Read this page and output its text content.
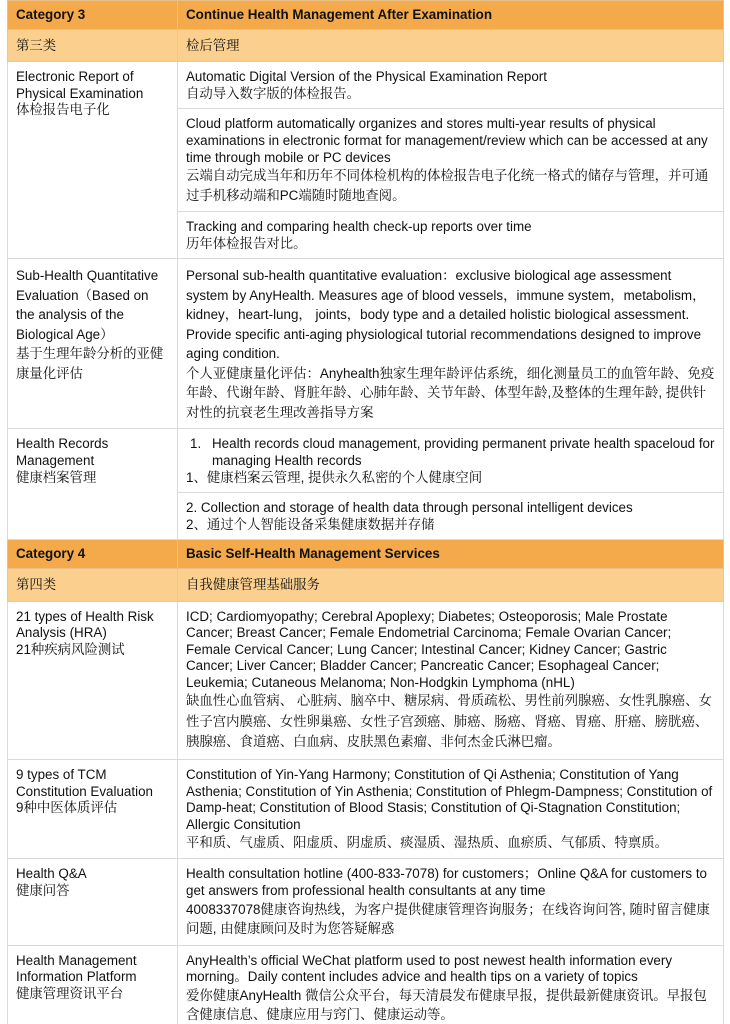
Category 3	Continue Health Management After Examination
第三类	检后管理

Electronic Report of Physical Examination
体检报告电子化	Automatic Digital Version of the Physical Examination Report
自动导入数字版的体检报告。

	Cloud platform automatically organizes and stores multi-year results of physical examinations in electronic format for management/review which can be accessed at any time through mobile or PC devices
云端自动完成当年和历年不同体检机构的体检报告电子化统一格式的储存与管理，并可通过手机移动端和PC端随时随地查阅。

	Tracking and comparing health check-up reports over time
历年体检报告对比。

Sub-Health Quantitative Evaluation（Based on the analysis of the Biological Age）
基于生理年龄分析的亚健康量化评估	Personal sub-health quantitative evaluation：exclusive biological age assessment system by AnyHealth. Measures age of blood vessels，immune system，metabolism，kidney，heart-lung， joints，body type and a detailed holistic biological assessment. Provide specific anti-aging physiological tutorial recommendations designed to improve aging condition.
个人亚健康量化评估：Anyhealth独家生理年龄评估系统，细化测量员工的血管年龄、免疫年龄、代谢年龄、肾脏年龄、心肺年龄、关节年龄、体型年龄,及整体的生理年龄, 提供针对性的抗衰老生理改善指导方案

Health Records Management
健康档案管理	1. Health records cloud management, providing permanent private health spaceloud for managing Health records
1、健康档案云管理, 提供永久私密的个人健康空间

	2. Collection and storage of health data through personal intelligent devices
2、通过个人智能设备采集健康数据并存储

Category 4	Basic Self-Health Management Services
第四类	自我健康管理基础服务

21 types of Health Risk Analysis (HRA)
21种疾病风险测试	ICD; Cardiomyopathy; Cerebral Apoplexy; Diabetes; Osteoporosis; Male Prostate Cancer; Breast Cancer; Female Endometrial Carcinoma; Female Ovarian Cancer; Female Cervical Cancer; Lung Cancer; Intestinal Cancer; Kidney Cancer; Gastric Cancer; Liver Cancer; Bladder Cancer; Pancreatic Cancer; Esophageal Cancer; Leukemia; Cutaneous Melanoma; Non-Hodgkin Lymphoma (nHL)
缺血性心血管病、 心脏病、脑卒中、糖尿病、骨质疏松、男性前列腺癌、女性乳腺癌、女性子宫内膜癌、女性卵巢癌、女性子宫颈癌、肺癌、肠癌、肾癌、胃癌、肝癌、膀胱癌、胰腺癌、食道癌、白血病、皮肤黑色素瘤、非何杰金氏淋巴瘤。

9 types of TCM Constitution Evaluation
9种中医体质评估	Constitution of Yin-Yang Harmony; Constitution of Qi Asthenia; Constitution of Yang Asthenia; Constitution of Yin Asthenia; Constitution of Phlegm-Dampness; Constitution of Damp-heat; Constitution of Blood Stasis; Constitution of Qi-Stagnation Constitution; Allergic Consitution
平和质、气虚质、阳虚质、阴虚质、痰湿质、湿热质、血瘀质、气郁质、特禀质。

Health Q&A
健康问答	Health consultation hotline (400-833-7078) for customers；Online Q&A for customers to get answers from professional health consultants at any time
4008337078健康咨询热线，为客户提供健康管理咨询服务；在线咨询问答, 随时留言健康问题, 由健康顾问及时为您答疑解惑

Health Management Information Platform
健康管理资讯平台	AnyHealth’s official WeChat platform used to post newest health information every morning。Daily content includes advice and health tips on a variety of topics
爱你健康AnyHealth 微信公众平台，每天清晨发布健康早报，提供最新健康资讯。早报包含健康信息、健康应用与窍门、健康运动等。
